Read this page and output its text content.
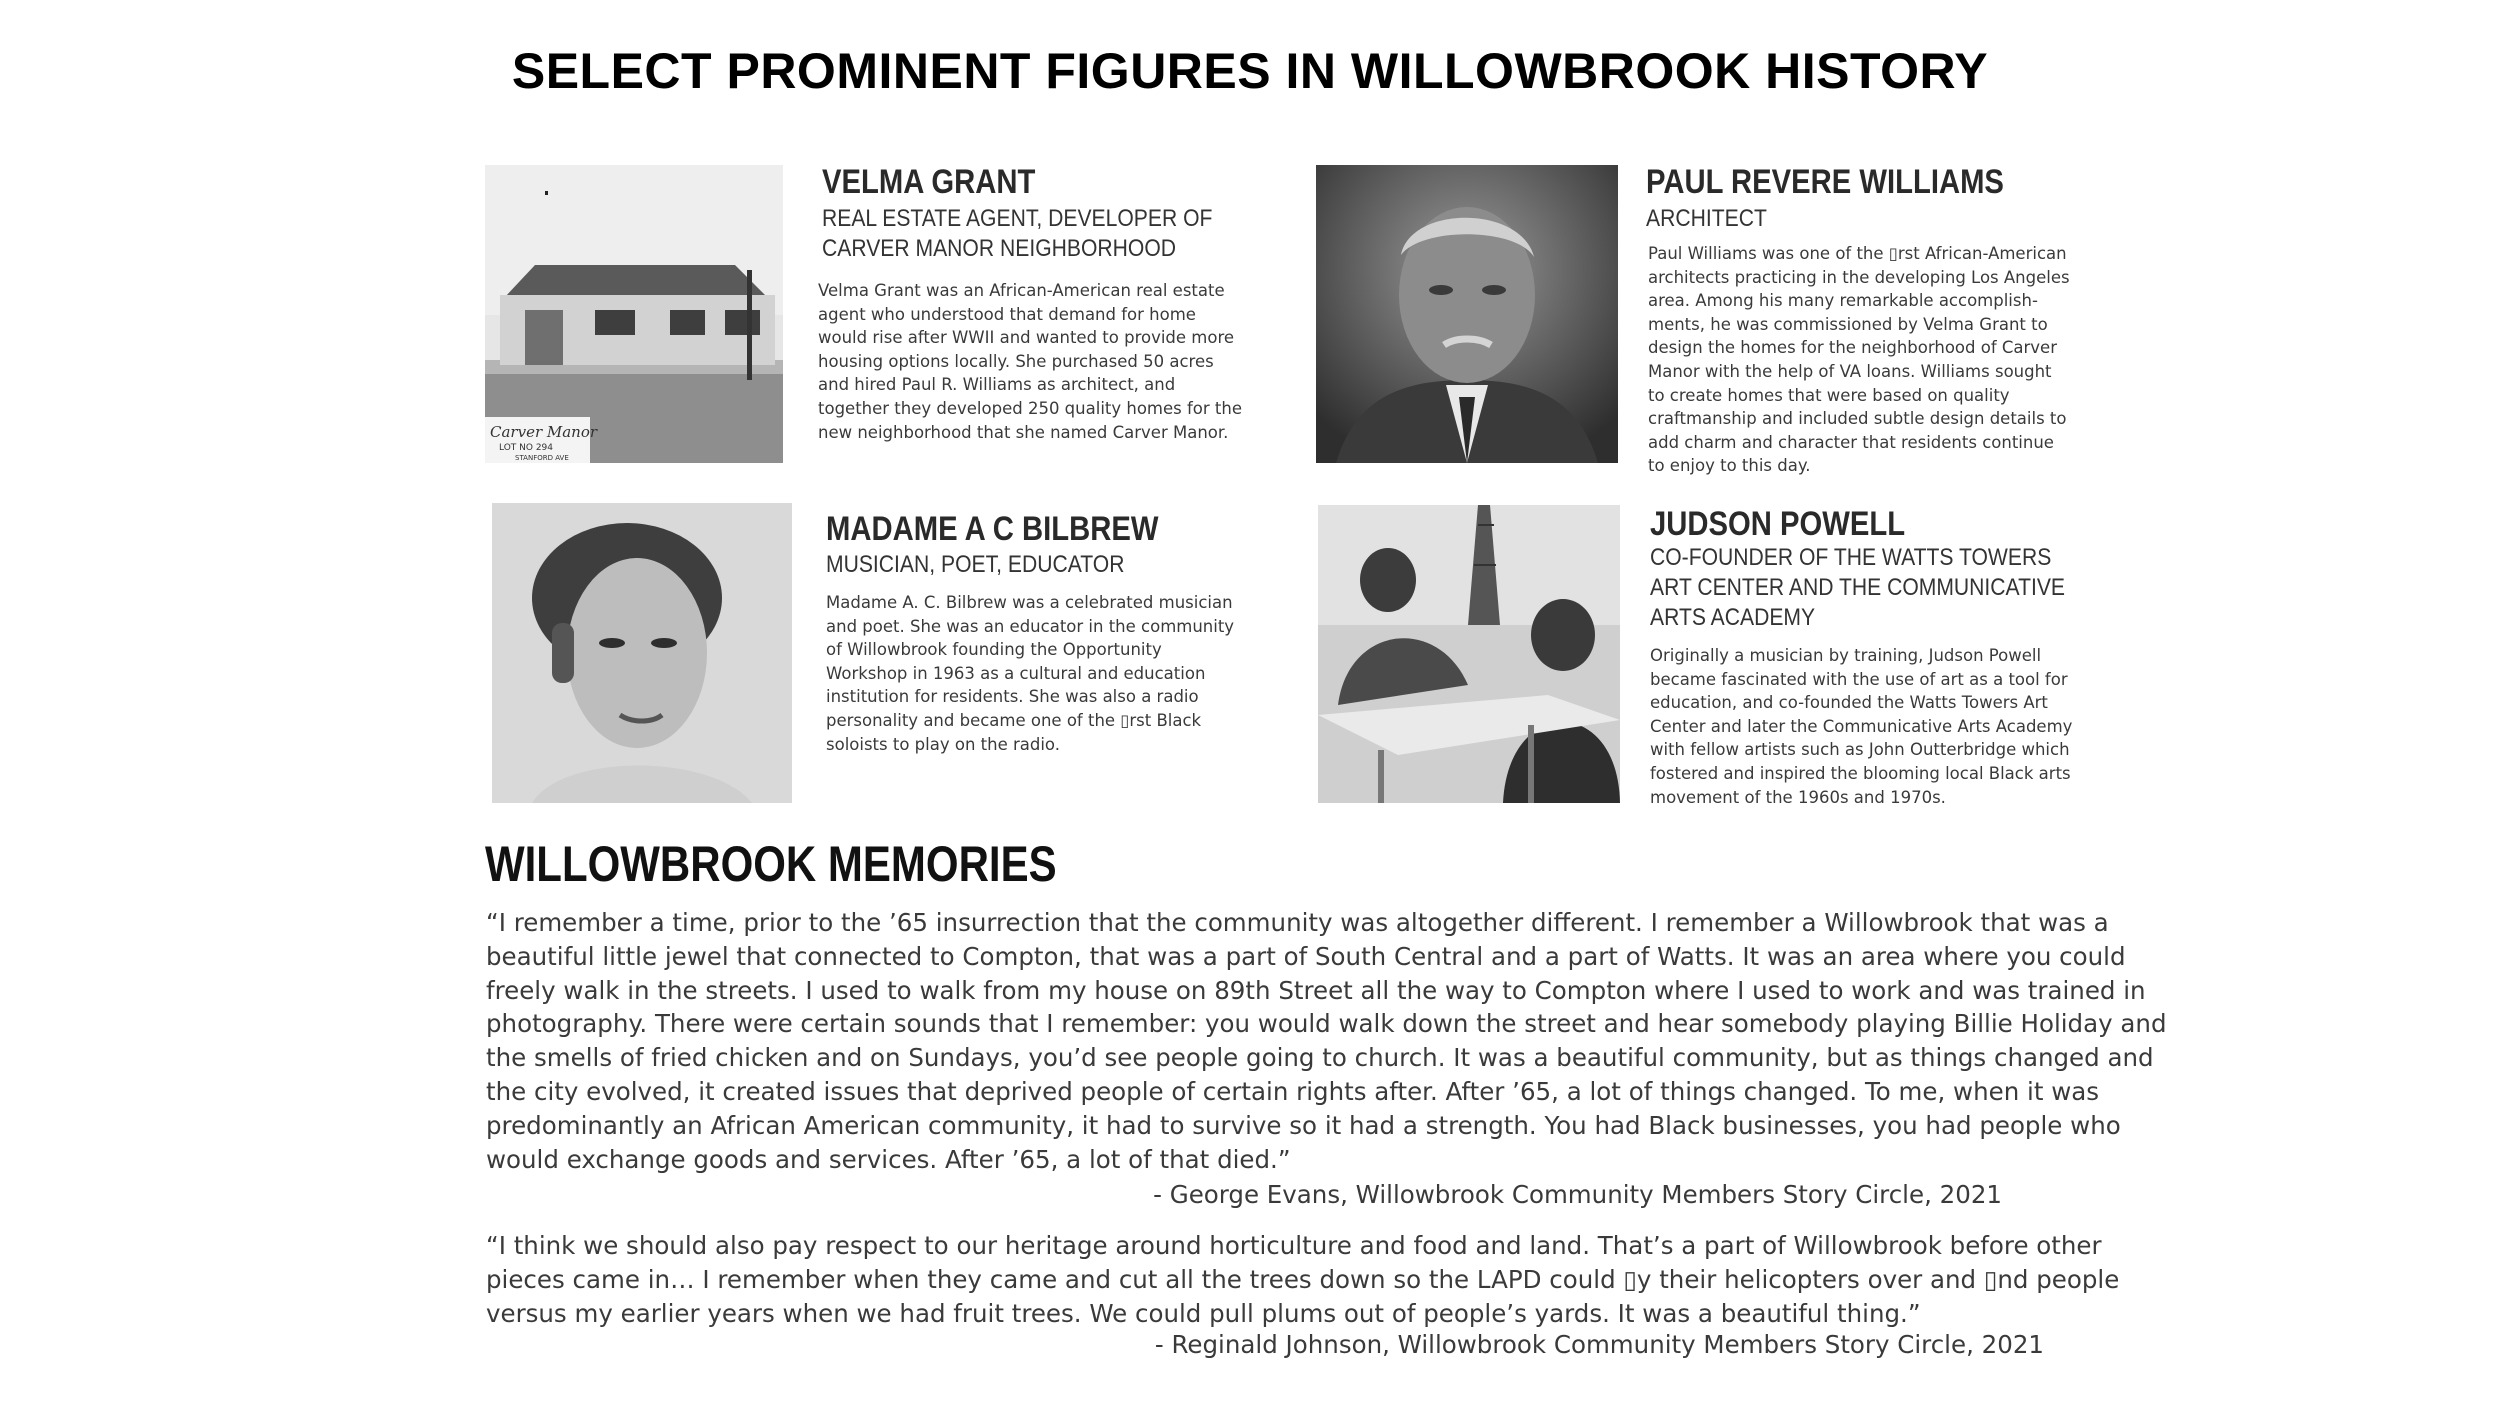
SELECT PROMINENT FIGURES IN WILLOWBROOK HISTORY
Carver Manor
LOT NO 294
STANFORD AVE
VELMA GRANT
REAL ESTATE AGENT, DEVELOPER OF
CARVER MANOR NEIGHBORHOOD
Velma Grant was an African-American real estate
agent who understood that demand for home
would rise after WWII and wanted to provide more
housing options locally. She purchased 50 acres
and hired Paul R. Williams as architect, and
together they developed 250 quality homes for the
new neighborhood that she named Carver Manor.
PAUL REVERE WILLIAMS
ARCHITECT
Paul Williams was one of the ▯rst African-American
architects practicing in the developing Los Angeles
area. Among his many remarkable accomplish-
ments, he was commissioned by Velma Grant to
design the homes for the neighborhood of Carver
Manor with the help of VA loans. Williams sought
to create homes that were based on quality
craftmanship and included subtle design details to
add charm and character that residents continue
to enjoy to this day.
MADAME A C BILBREW
MUSICIAN, POET, EDUCATOR
Madame A. C. Bilbrew was a celebrated musician
and poet. She was an educator in the community
of Willowbrook founding the Opportunity
Workshop in 1963 as a cultural and education
institution for residents. She was also a radio
personality and became one of the ▯rst Black
soloists to play on the radio.
JUDSON POWELL
CO-FOUNDER OF THE WATTS TOWERS
ART CENTER AND THE COMMUNICATIVE
ARTS ACADEMY
Originally a musician by training, Judson Powell
became fascinated with the use of art as a tool for
education, and co-founded the Watts Towers Art
Center and later the Communicative Arts Academy
with fellow artists such as John Outterbridge which
fostered and inspired the blooming local Black arts
movement of the 1960s and 1970s.
WILLOWBROOK MEMORIES
“I remember a time, prior to the ’65 insurrection that the community was altogether different. I remember a Willowbrook that was a
beautiful little jewel that connected to Compton, that was a part of South Central and a part of Watts. It was an area where you could
freely walk in the streets. I used to walk from my house on 89th Street all the way to Compton where I used to work and was trained in
photography. There were certain sounds that I remember: you would walk down the street and hear somebody playing Billie Holiday and
the smells of fried chicken and on Sundays, you’d see people going to church. It was a beautiful community, but as things changed and
the city evolved, it created issues that deprived people of certain rights after. After ’65, a lot of things changed. To me, when it was
predominantly an African American community, it had to survive so it had a strength. You had Black businesses, you had people who
would exchange goods and services. After ’65, a lot of that died.”
- George Evans, Willowbrook Community Members Story Circle, 2021
“I think we should also pay respect to our heritage around horticulture and food and land. That’s a part of Willowbrook before other
pieces came in… I remember when they came and cut all the trees down so the LAPD could ▯y their helicopters over and ▯nd people
versus my earlier years when we had fruit trees. We could pull plums out of people’s yards. It was a beautiful thing.”
- Reginald Johnson, Willowbrook Community Members Story Circle, 2021
